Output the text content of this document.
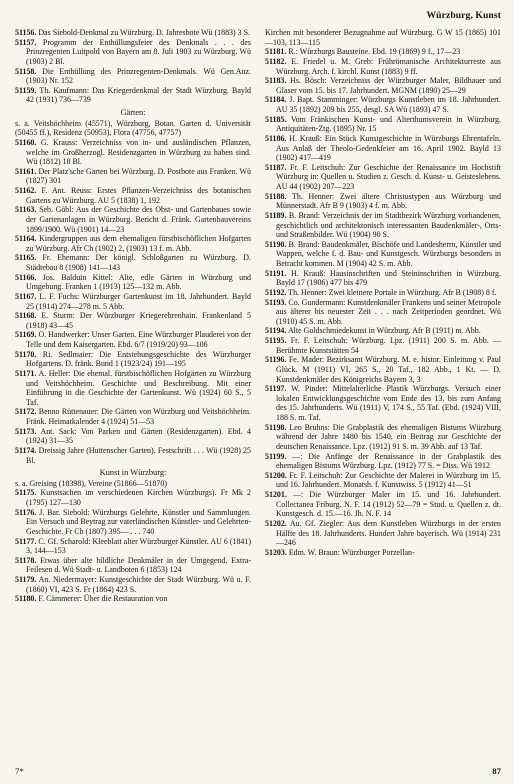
Würzburg, Kunst

51156. Das Siebold-Denkmal zu Würzburg. D. Jahresbote Wü (1883) 3 S.

51157. Programm der Enthüllungsfeier des Denkmals . . . des Prinzregenten Luitpold von Bayern am 8. Juli 1903 zu Würzburg. Wü (1903) 2 Bl.

51158. Die Enthüllung des Prinzregenten-Denkmals. Wü Gen.Anz. (1903) Nr. 152

51159. Th. Kaufmann: Das Kriegerdenkmal der Stadt Würzburg. Bayld 42 (1931) 736—739

Gärten:

s. a. Veitshöchheim (45571), Würzburg, Botan. Garten d. Universität (50455 ff.), Residenz (50953), Flora (47756, 47757)

51160. G. Krauss: Verzeichniss von in- und ausländischen Pflanzen, welche im Großherzogl. Residenzgarten in Würzburg zu haben sind. Wü (1812) 18 Bl.

51161. Der Platz'sche Garten bei Würzburg. D. Postbote aus Franken. Wü (1827) 301

51162. F. Ant. Reuss: Erstes Pflanzen-Verzeichniss des botanischen Gartens zu Würzburg. AU 5 (1838) 1, 192

51163. Seb. Göbl: Aus der Geschichte des Obst- und Gartenbaues sowie der Gartenanlagen in Würzburg. Bericht d. Fränk. Gartenbauvereins 1899/1900. Wü (1901) 14—23

51164. Kindergruppen aus dem ehemaligen fürstbischöflichen Hofgarten zu Würzburg. Afr Ch (1902) 2, (1903) 13 f. m. Abb.

51165. Fr. Ehemann: Der königl. Schloßgarten zu Würzburg. D. Städtebau 8 (1908) 141—143

51166. Jos. Balduin Kittel: Alte, edle Gärten in Würzburg und Umgebung. Franken 1 (1913) 125—132 m. Abb.

51167. L. F. Fuchs: Würzburger Gartenkunst im 18. Jahrhundert. Bayld 25 (1914) 274—278 m. 5 Abb.

51168. E. Sturm: Der Würzburger Kriegerehrenhain. Frankenland 5 (1918) 43—45

51169. O. Handwerker: Unser Garten. Eine Würzburger Plauderei von der Telle und dem Kaisergarten. Ebd. 6/7 (1919/20) 93—106

51170. Ri. Sedlmaier: Die Entstehungsgeschichte des Würzburger Hofgartens. D. fränk. Bund 1 (1923/24) 191—195

51171. A. Heller: Die ehemal. fürstbischöflichen Hofgärten zu Würzburg und Veitshöchheim. Geschichte und Beschreibung. Mit einer Einführung in die Geschichte der Gartenkunst. Wü (1924) 60 S., 5 Taf.

51172. Benno Rüttenauer: Die Gärten von Würzburg und Veitshöchheim. Fränk. Heimatkalender 4 (1924) 51—53

51173. Ant. Sack: Von Parken und Gärten (Residenzgarten). Ebd. 4 (1924) 31—35

51174. Dreissig Jahre (Huttenscher Garten). Festschrift . . . Wü (1928) 25 Bl.

Kunst in Würzburg:

s. a. Greising (18398), Vereine (51866—51870)

51175. Kunstsachen im verschiedenen Kirchen Würzburgs). Fr Mk 2 (1795) 127—130

51176. J. Bar. Siebold: Würzburgs Gelehrte, Künstler und Sammlungen. Ein Versuch und Beytrag zur vaterländischen Künstler- und Gelehrten-Geschichte. Fr Ch (1807) 395— . . . 740

51177. C. Gf. Scharold: Kleeblatt alter Würzburger Künstler. AU 6 (1841) 3, 144—153

51178. Etwas über alte bildliche Denkmäler in der Umgegend. Extra-Feilesen d. Wü Stadt- u. Landboten 6 (1853) 124

51179. An. Niedermayer: Kunstgeschichte der Stadt Würzburg. Wü u. F. (1860) VI, 423 S. Fr (1864) 423 S.

51180. F. Cämmerer: Über die Restauration von

Kirchen mit besonderer Bezugnahme auf Würzburg. G W 15 (1865) 101—103, 113—115

51181. R.: Würzburgs Bausteine. Ebd. 19 (1869) 9 f., 17—23

51182. E. Friedel u. M. Greb: Frührömanische Architekturreste aus Würzburg. Arch. f. kirchl. Kunst (1883) 9 ff.

51183. Hs. Bösch: Verzeichniss der Würzburger Maler, Bildhauer und Glaser vom 15. bis 17. Jahrhundert. MGNM (1890) 25—29

51184. J. Bapt. Stamminger: Würzburgs Kunstleben im 18. Jahrhundert. AU 35 (1892) 209 bis 255, desgl. SA Wü (1893) 47 S.

51185. Vom Fränkischen Kunst- und Alterthumsverein in Würzburg. Antiquitäten-Ztg. (1895) Nr. 15

51186. H. Krauß: Ein Stück Kunstgeschichte in Würzburgs Ehrentafeln. Aus Anlaß der Theolo-Gedenkfeier am 16. April 1902. Bayld 13 (1902) 417—419

51187. Fr. F. Leitschuh: Zur Geschichte der Renaissance im Hochstift Würzburg in: Quellen u. Studien z. Gesch. d. Kunst- u. Geisteslebens. AU 44 (1902) 207—223

51188. Th. Henner: Zwei ältere Christustypen aus Würzburg und Münnerstadt. Afr B 9 (1903) 4 f. m. Abb.

51189. B. Brand: Verzeichnis der im Stadtbezirk Würzburg vorhandenen, geschichtlich und architektonisch interessanten Baudenkmäler-, Orts- und Straßenbilder. Wü (1904) 90 S.

51190. B. Brand: Baudenkmäler, Bischöfe und Landesherrn, Künstler und Wappen, welche f. d. Bau- und Kunstgesch. Würzburgs besonders in Betracht kommen. M (1904) 42 S. m. Abb.

51191. H. Krauß: Hausinschriften und Steininschriften in Würzburg. Bayld 17 (1906) 477 bis 479

51192. Th. Henner: Zwei kleinere Portale in Würzburg. Afr B (1908) 8 f.

51193. Co. Gundermann: Kunstdenkmäler Frankens und seiner Metropole aus älterer bis neuester Zeit . . . nach Zeitperioden geordnet. Wü (1910) 45 S. m. Abb.

51194. Alte Goldschmiedekunst in Würzburg. Afr B (1911) m. Abb.

51195. Fr. F. Leitschuh: Würzburg. Lpz. (1911) 200 S. m. Abb. — Berühmte Kunststätten 54

51196. Fe. Mader: Bezirksamt Würzburg. M. e. histor. Einleitung v. Paul Glück. M (1911) VI, 265 S., 20 Taf., 182 Abb., 1 Kt. — D. Kunstdenkmäler des Königreichs Bayern 3, 3

51197. W. Pinder: Mittelalterliche Plastik Würzburgs. Versuch einer lokalen Entwicklungsgeschichte vom Ende des 13. bis zum Anfang des 15. Jahrhunderts. Wü (1911) V, 174 S., 55 Taf. (Ebd. (1924) VIII, 188 S. m. Taf.

51198. Leo Bruhns: Die Grabplastik des ehemaligen Bistums Würzburg während der Jahre 1480 bis 1540, ein Beitrag zur Geschichte der deutschen Renaissance. Lpz. (1912) 91 S. m. 39 Abb. auf 13 Taf.

51199. —: Die Anfänge der Renaissance in der Grabplastik des ehemaligen Bistums Würzburg. Lpz. (1912) 77 S. = Diss. Wü 1912

51200. Fr. F. Leitschuh: Zur Geschichte der Malerei in Würzburg im 15. und 16. Jahrhundert. Monatsh. f. Kunstwiss. 5 (1912) 41—51

51201. —: Die Würzburger Maler im 15. und 16. Jahrhundert. Collectanea Friburg. N. F. 14 (1912) 52—79 = Stud. u. Quellen z. dt. Kunstgesch. d. 15.—16. Jh. N. F. 14

51202. Au. Gf. Ziegler: Aus dem Kunstleben Würzburgs in der ersten Hälfte des 18. Jahrhunderts. Hundert Jahre bayerisch. Wü (1914) 231—246

51203. Edm. W. Braun: Würzburger Porzellan-

7*	87
